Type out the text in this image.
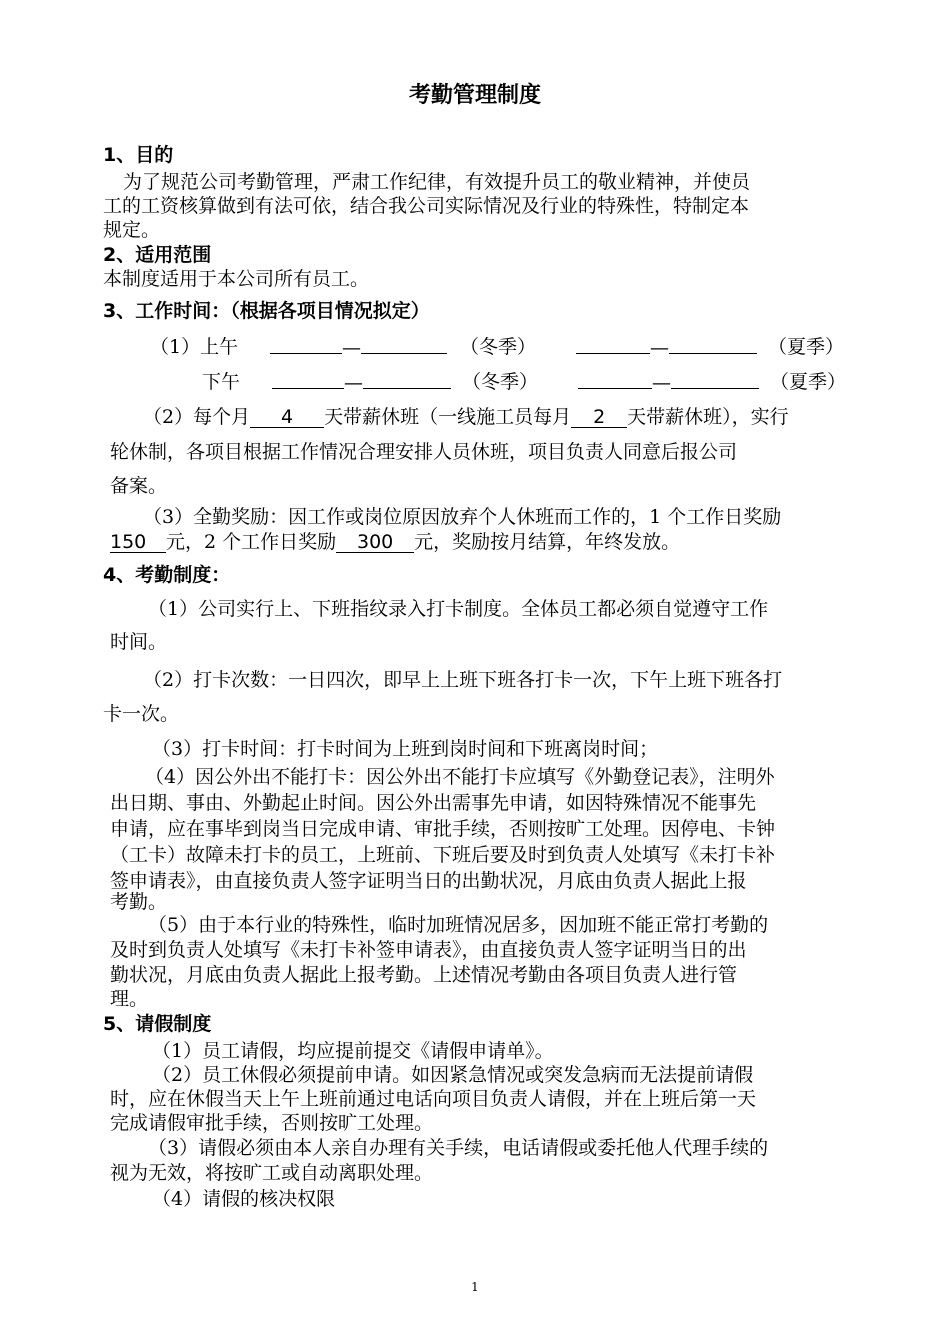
考勤管理制度
1、目的
为了规范公司考勤管理，严肃工作纪律，有效提升员工的敬业精神，并使员
工的工资核算做到有法可依，结合我公司实际情况及行业的特殊性，特制定本
规定。
2、适用范围
本制度适用于本公司所有员工。
3、工作时间：（根据各项目情况拟定）
（1）上午	—	（冬季）	—	（夏季）
下午	—	（冬季）	—	（夏季）
（2）每个月 4 天带薪休班（一线施工员每月 2 天带薪休班），实行
轮休制，各项目根据工作情况合理安排人员休班，项目负责人同意后报公司
备案。
（3）全勤奖励：因工作或岗位原因放弃个人休班而工作的，1 个工作日奖励
150 元，2 个工作日奖励 300 元，奖励按月结算，年终发放。
4、考勤制度：
（1）公司实行上、下班指纹录入打卡制度。全体员工都必须自觉遵守工作
时间。
（2）打卡次数：一日四次，即早上上班下班各打卡一次，下午上班下班各打
卡一次。
（3）打卡时间：打卡时间为上班到岗时间和下班离岗时间；
（4）因公外出不能打卡：因公外出不能打卡应填写《外勤登记表》，注明外
出日期、事由、外勤起止时间。因公外出需事先申请，如因特殊情况不能事先
申请，应在事毕到岗当日完成申请、审批手续，否则按旷工处理。因停电、卡钟
（工卡）故障未打卡的员工，上班前、下班后要及时到负责人处填写《未打卡补
签申请表》，由直接负责人签字证明当日的出勤状况，月底由负责人据此上报
考勤。
（5）由于本行业的特殊性，临时加班情况居多，因加班不能正常打考勤的
及时到负责人处填写《未打卡补签申请表》，由直接负责人签字证明当日的出
勤状况，月底由负责人据此上报考勤。上述情况考勤由各项目负责人进行管
理。
5、请假制度
（1）员工请假，均应提前提交《请假申请单》。
（2）员工休假必须提前申请。如因紧急情况或突发急病而无法提前请假
时，应在休假当天上午上班前通过电话向项目负责人请假，并在上班后第一天
完成请假审批手续，否则按旷工处理。
（3）请假必须由本人亲自办理有关手续，电话请假或委托他人代理手续的
视为无效，将按旷工或自动离职处理。
（4）请假的核决权限
1
